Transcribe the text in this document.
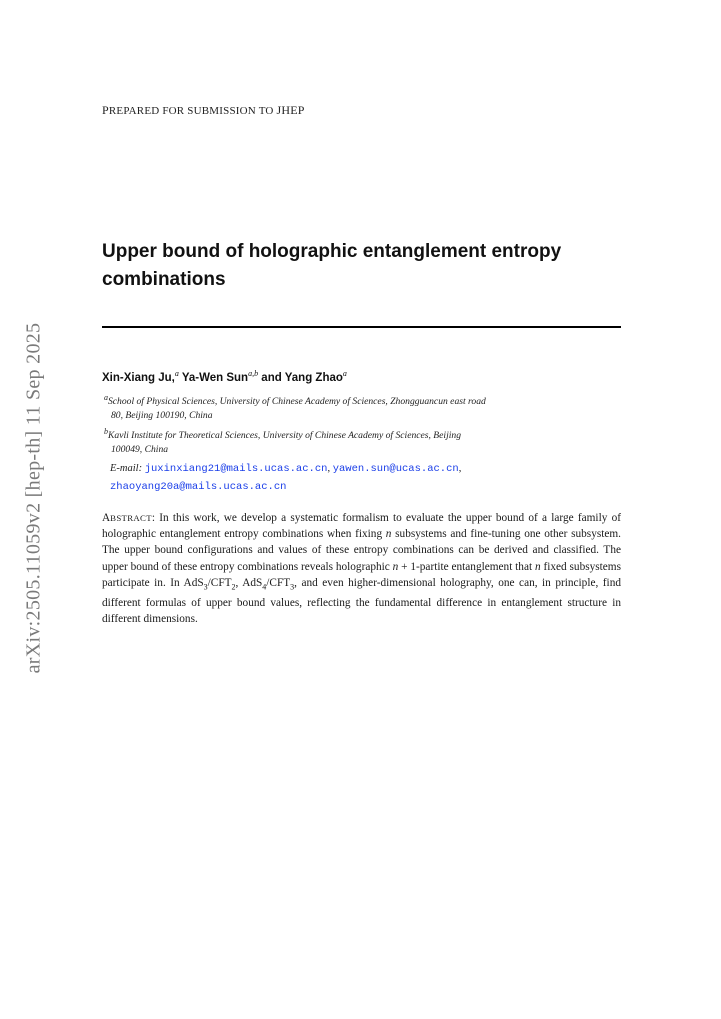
arXiv:2505.11059v2 [hep-th] 11 Sep 2025
PREPARED FOR SUBMISSION TO JHEP
Upper bound of holographic entanglement entropy
combinations
Xin-Xiang Ju,$^a$ Ya-Wen Sun$^{a,b}$ and Yang Zhao$^a$
$^a$School of Physical Sciences, University of Chinese Academy of Sciences, Zhongguancun east road
80, Beijing 100190, China
$^b$Kavli Institute for Theoretical Sciences, University of Chinese Academy of Sciences, Beijing
100049, China
E-mail: juxinxiang21@mails.ucas.ac.cn, yawen.sun@ucas.ac.cn,
zhaoyang20a@mails.ucas.ac.cn

ABSTRACT: In this work, we develop a systematic formalism to evaluate the upper bound of a large family of holographic entanglement entropy combinations when fixing n subsystems and fine-tuning one other subsystem. The upper bound configurations and values of these entropy combinations can be derived and classified. The upper bound of these entropy combinations reveals holographic n + 1-partite entanglement that n fixed subsystems participate in. In $AdS_3/CFT_2$, $AdS_4/CFT_3$, and even higher-dimensional holography, one can, in principle, find different formulas of upper bound values, reflecting the fundamental difference in entanglement structure in different dimensions.
